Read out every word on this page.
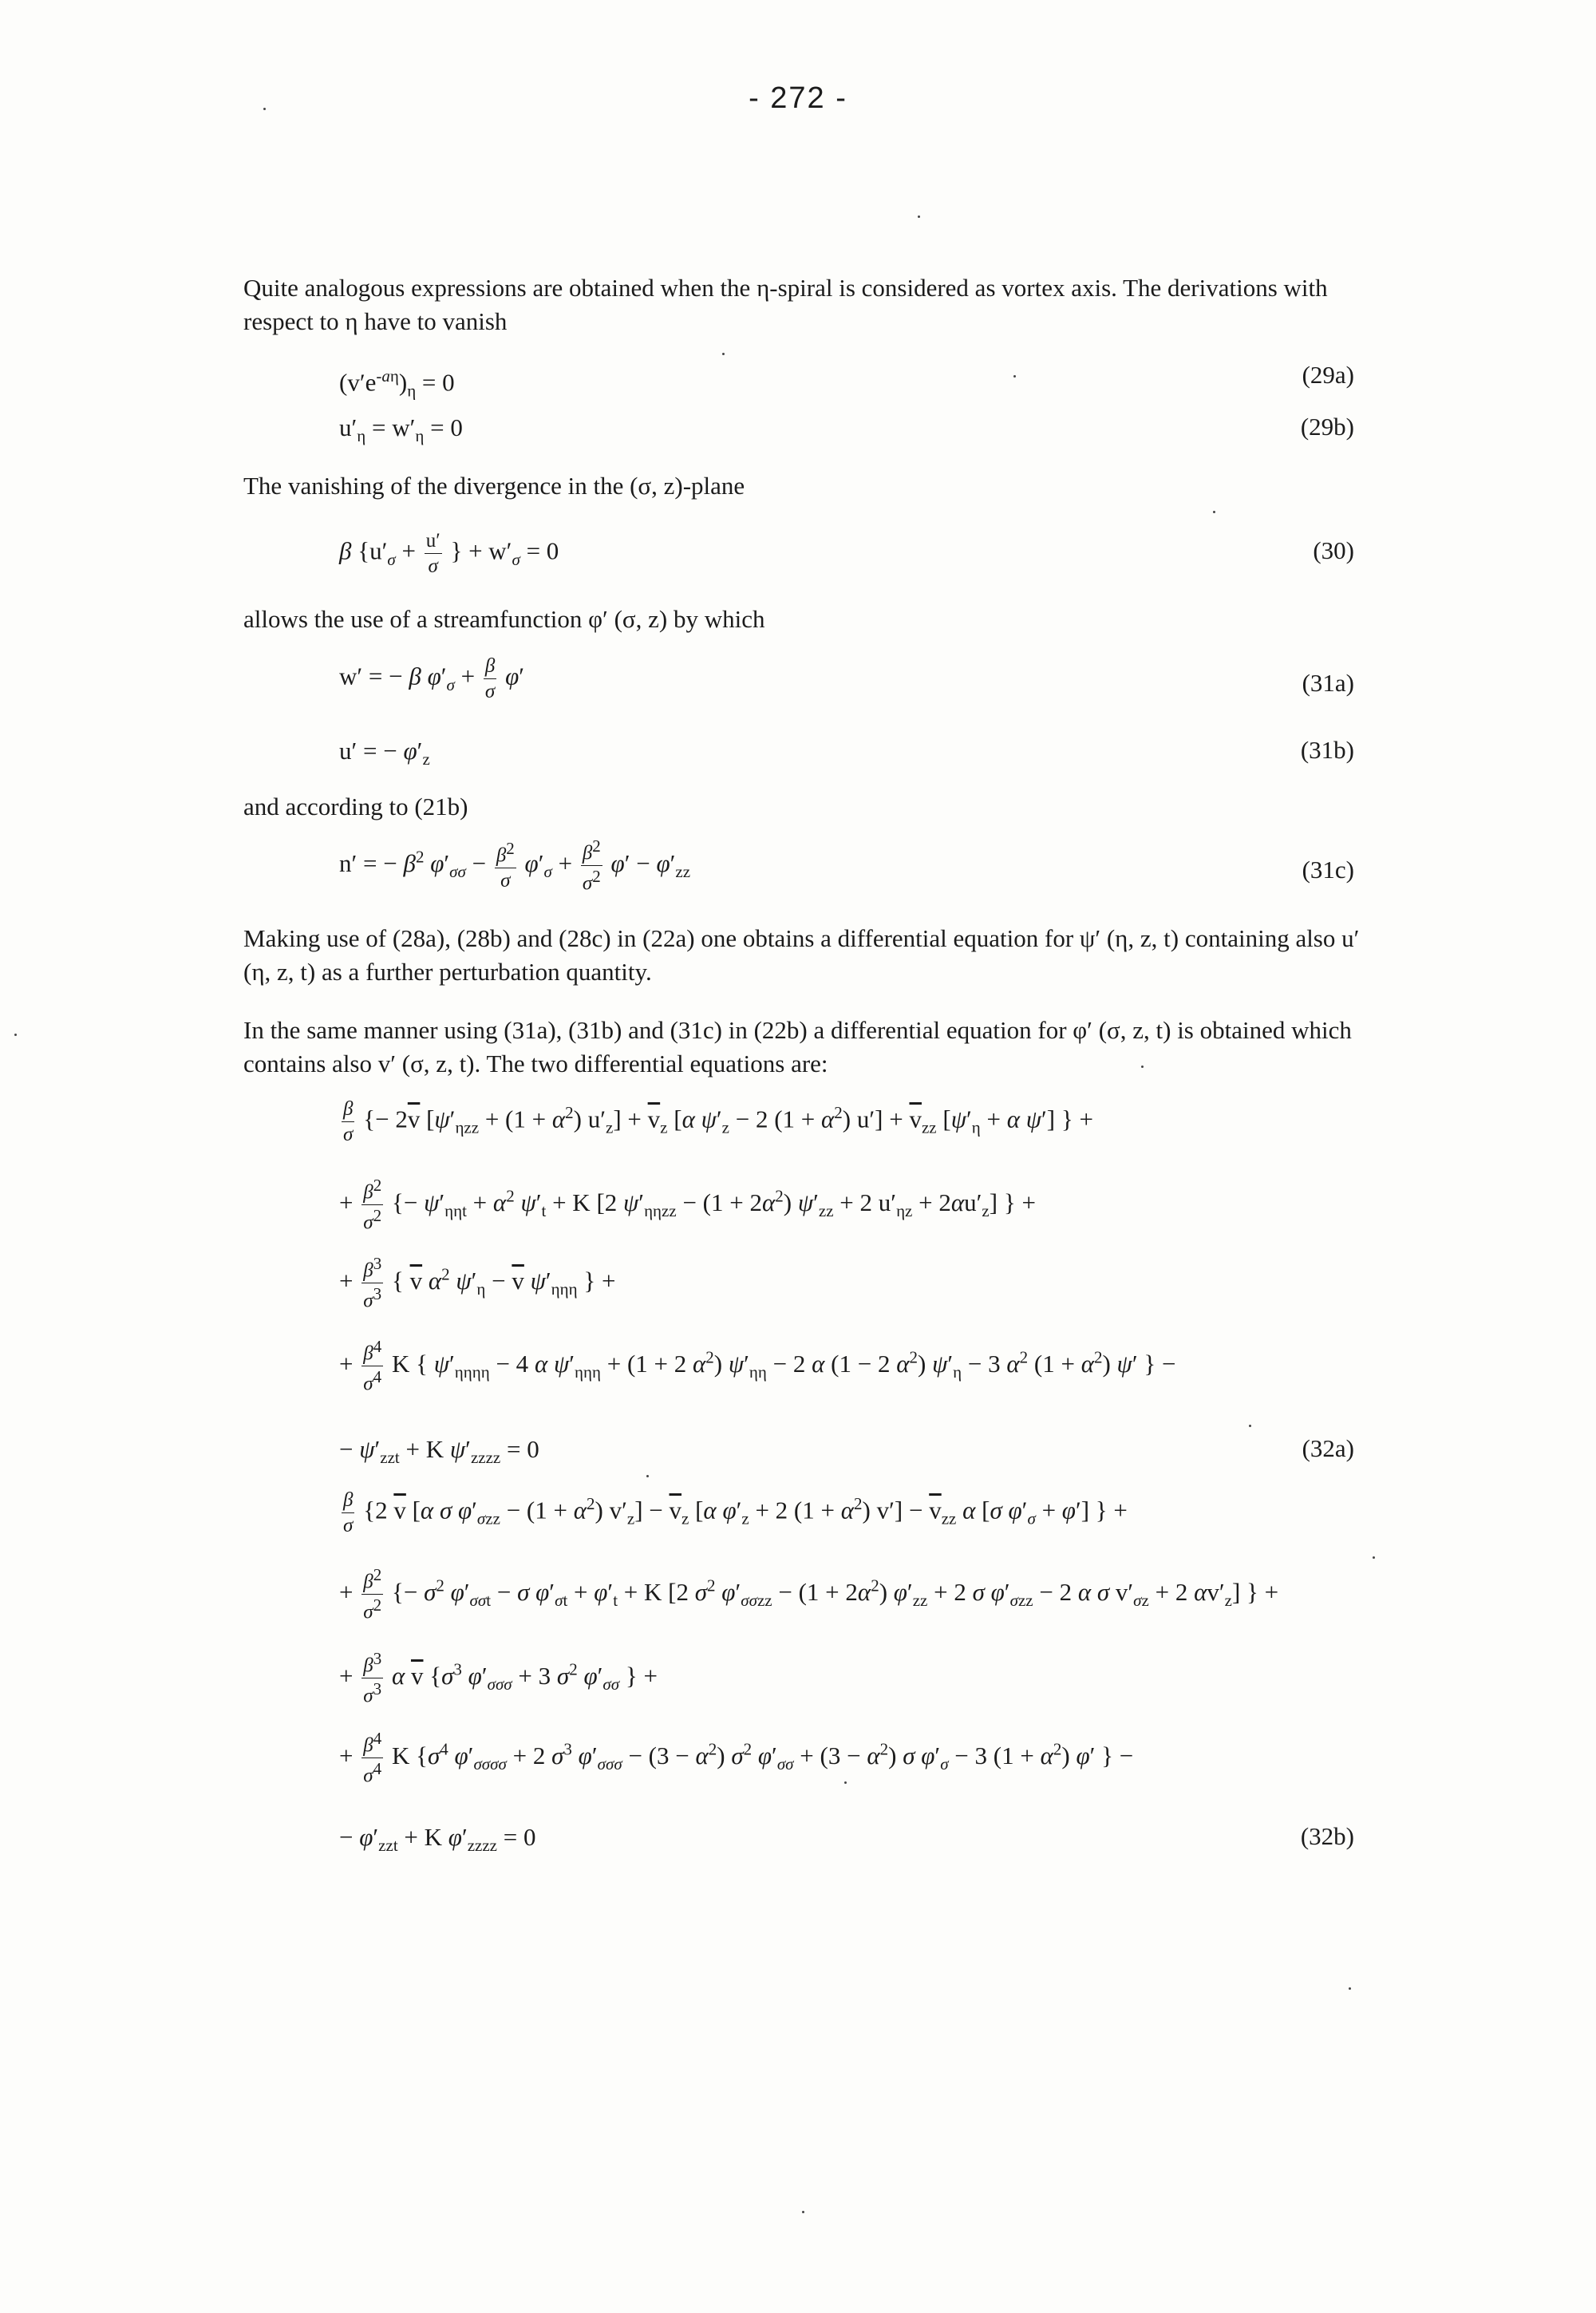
- 272 -

Quite analogous expressions are obtained when the η-spiral is considered as vortex axis. The derivations with respect to η have to vanish

$(v'e^{-a\eta})_\eta = 0$	(29a)
$u'_\eta = w'_\eta = 0$	(29b)

The vanishing of the divergence in the (σ, z)-plane

β {$u'_\sigma + \frac{u'}{\sigma}$ } + $w'_\sigma = 0$	(30)

allows the use of a streamfunction φ′ (σ, z) by which

w′ = − β $\varphi'_\sigma + \frac{\beta}{\sigma} \varphi'$	(31a)
u′ = − $\varphi'_z$	(31b)

and according to (21b)

n′ = − $\beta^2$ $\varphi'_{\sigma\sigma} - \frac{\beta^2}{\sigma} \varphi'_\sigma + \frac{\beta^2}{\sigma^2} \varphi' - \varphi'_{zz}$	(31c)

Making use of (28a), (28b) and (28c) in (22a) one obtains a differential equation for ψ′ (η, z, t) containing also u′ (η, z, t) as a further perturbation quantity.

In the same manner using (31a), (31b) and (31c) in (22b) a differential equation for φ′ (σ, z, t) is obtained which contains also v′ (σ, z, t). The two differential equations are:

$\frac{\beta}{\sigma}$ {− $2\overline{v}$ $[\psi'_{\eta zz} + (1 + \alpha^2) u'_z] + \overline{v}_z$ [α $\psi'_z - 2$ $(1 + \alpha^2)$ $u'] + \overline{v}_{zz}$ [$\psi'_\eta + \alpha$ ψ′] } +
+ $\frac{\beta^2}{\sigma^2}$ {− $\psi'_{\eta\eta t} + \alpha^2$ $\psi'_t + K$ [2 $\psi'_{\eta\eta zz} - (1 + 2\alpha^2) \psi'_{zz} + 2$ $u'_{\eta z} + 2\alpha u'_z$] } +
+ $\frac{\beta^3}{\sigma^3}$ { $\overline{v}$ $\alpha^2$ $\psi'_\eta - \overline{v}$ $\psi'_{\eta\eta\eta}$ } +
+ $\frac{\beta^4}{\sigma^4}$ K { $\psi'_{\eta\eta\eta\eta} - 4$ α $\psi'_{\eta\eta\eta} + (1 + 2$ $\alpha^2$) $\psi'_{\eta\eta} - 2$ α (1 − 2 $\alpha^2$) $\psi'_\eta - 3$ $\alpha^2$ $(1 + \alpha^2)$ ψ′ } −
− $\psi'_{zzt} + K$ $\psi'_{zzzz} = 0$	(32a)
$\frac{\beta}{\sigma} \{2$ $\overline{v}$ [α σ $\varphi'_{\sigma zz} - (1 + \alpha^2) v'_z] - \overline{v}_z$ [α $\varphi'_z + 2$ $(1 + \alpha^2)$ $v'] - \overline{v}_{zz}$ α [σ $\varphi'_\sigma + \varphi'$] } +
+ $\frac{\beta^2}{\sigma^2}$ {− $\sigma^2$ $\varphi'_{\sigma\sigma t} - \sigma$ $\varphi'_{\sigma t} + \varphi'_t + K$ [2 $\sigma^2$ $\varphi'_{\sigma\sigma zz} - (1 + 2\alpha^2) \varphi'_{zz} + 2$ σ $\varphi'_{\sigma zz} - 2$ α σ $v'_{\sigma z} + 2$ $\alpha v'_z$] } +
+ $\frac{\beta^3}{\sigma^3}$ α $\overline{v}$ {$\sigma^3$ $\varphi'_{\sigma\sigma\sigma} + 3$ $\sigma^2$ $\varphi'_{\sigma\sigma}$ } +
+ $\frac{\beta^4}{\sigma^4}$ K {$\sigma^4$ $\varphi'_{\sigma\sigma\sigma\sigma} + 2$ $\sigma^3$ $\varphi'_{\sigma\sigma\sigma} - (3 - \alpha^2)$ $\sigma^2$ $\varphi'_{\sigma\sigma} + (3 - \alpha^2)$ σ $\varphi'_\sigma - 3$ $(1 + \alpha^2)$ φ′ } −
− $\varphi'_{zzt} + K$ $\varphi'_{zzzz} = 0$	(32b)
